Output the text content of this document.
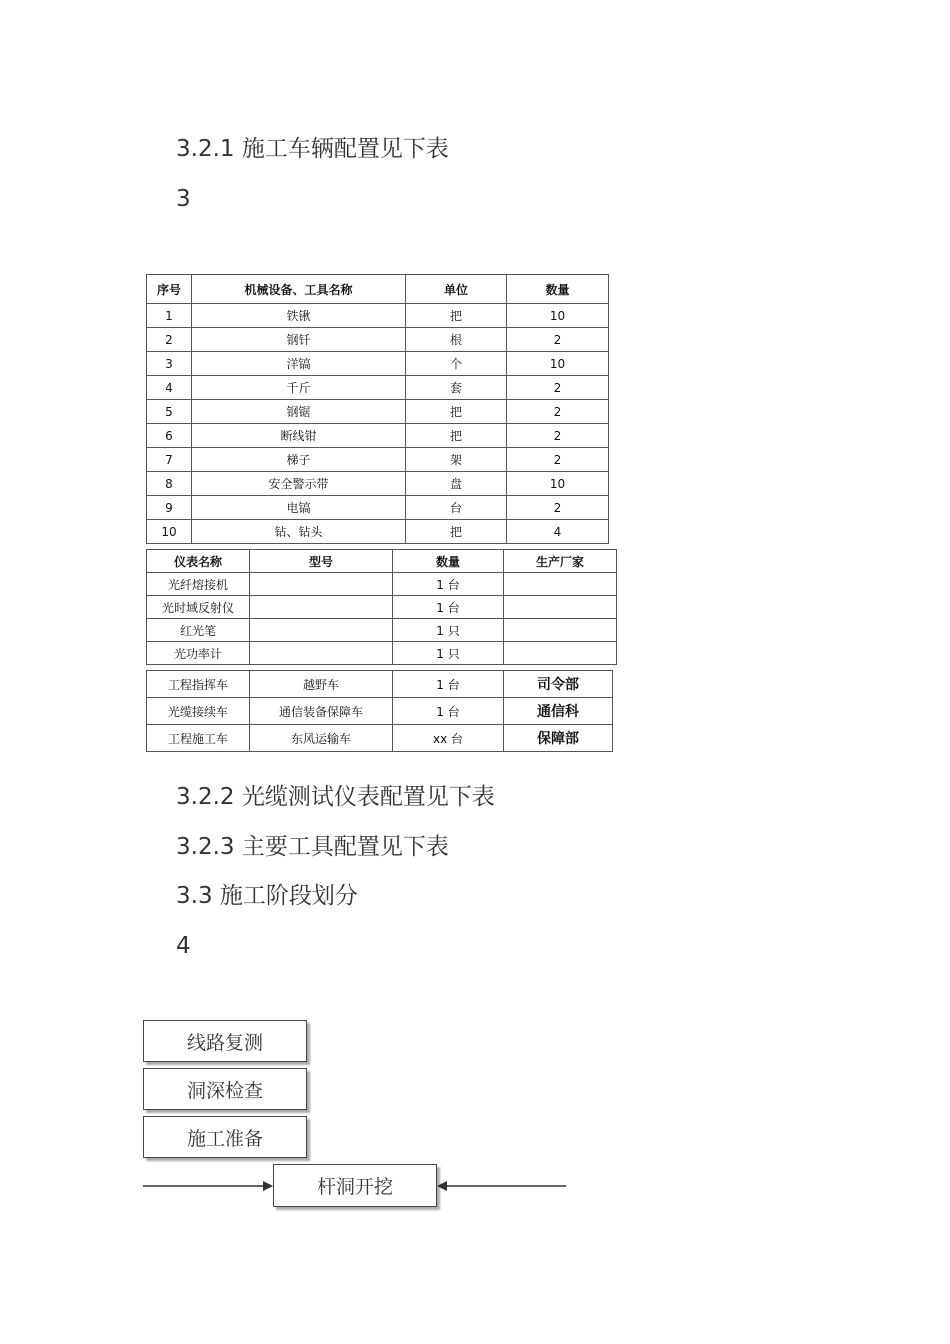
3.2.1 施工车辆配置见下表
3
序号	机械设备、工具名称	单位	数量
1	铁锹	把	10
2	钢钎	根	2
3	洋镐	个	10
4	千斤	套	2
5	钢锯	把	2
6	断线钳	把	2
7	梯子	架	2
8	安全警示带	盘	10
9	电镐	台	2
10	钻、钻头	把	4
仪表名称	型号	数量	生产厂家
光纤熔接机		1 台	
光时域反射仪		1 台	
红光笔		1 只	
光功率计		1 只	
工程指挥车	越野车	1 台	司令部
光缆接续车	通信装备保障车	1 台	通信科
工程施工车	东风运输车	xx 台	保障部
3.2.2 光缆测试仪表配置见下表
3.2.3 主要工具配置见下表
3.3 施工阶段划分
4
线路复测
洞深检查
施工准备
杆洞开挖
